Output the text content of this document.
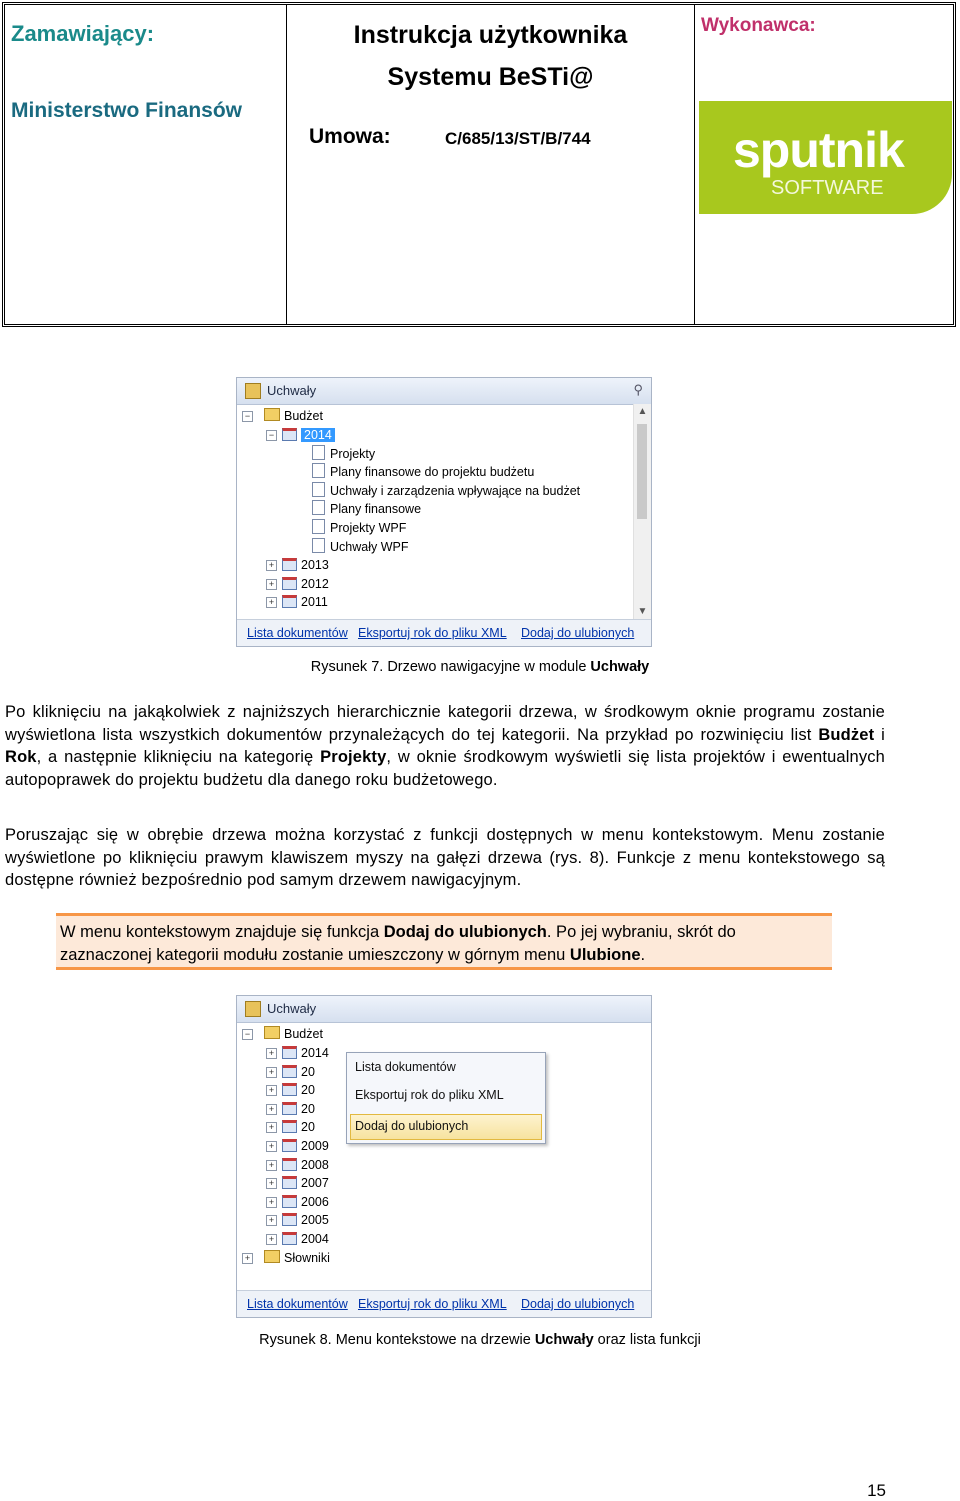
Zamawiający:
Ministerstwo Finansów
Instrukcja użytkownika
Systemu BeSTi@
Umowa:	C/685/13/ST/B/744
Wykonawca:
sputnik
SOFTWARE
Uchwały	⚲
−	Budżet
− 2014
Projekty
Plany finansowe do projektu budżetu
Uchwały i zarządzenia wpływające na budżet
Plany finansowe
Projekty WPF
Uchwały WPF
+ 2013
+ 2012
+ 2011
▲
▼
Lista dokumentów Eksportuj rok do pliku XML Dodaj do ulubionych
Rysunek 7. Drzewo nawigacyjne w module Uchwały
Po kliknięciu na jakąkolwiek z najniższych hierarchicznie kategorii drzewa, w środkowym oknie programu zostanie wyświetlona lista wszystkich dokumentów przynależących do tej kategorii. Na przykład po rozwinięciu list Budżet i Rok, a następnie kliknięciu na kategorię Projekty, w oknie środkowym wyświetli się lista projektów i ewentualnych autopoprawek do projektu budżetu dla danego roku budżetowego.
Poruszając się w obrębie drzewa można korzystać z funkcji dostępnych w menu kontekstowym. Menu zostanie wyświetlone po kliknięciu prawym klawiszem myszy na gałęzi drzewa (rys. 8). Funkcje z menu kontekstowego są dostępne również bezpośrednio pod samym drzewem nawigacyjnym.
W menu kontekstowym znajduje się funkcja Dodaj do ulubionych. Po jej wybraniu, skrót do zaznaczonej kategorii modułu zostanie umieszczony w górnym menu Ulubione.
Uchwały
−	Budżet
+ 2014
+ 20
+ 20
+ 20
+ 20
+ 2009
+ 2008
+ 2007
+ 2006
+ 2005
+ 2004
+	Słowniki
Lista dokumentów Eksportuj rok do pliku XML Dodaj do ulubionych
Lista dokumentów
Eksportuj rok do pliku XML
Dodaj do ulubionych
Rysunek 8. Menu kontekstowe na drzewie Uchwały oraz lista funkcji
15
